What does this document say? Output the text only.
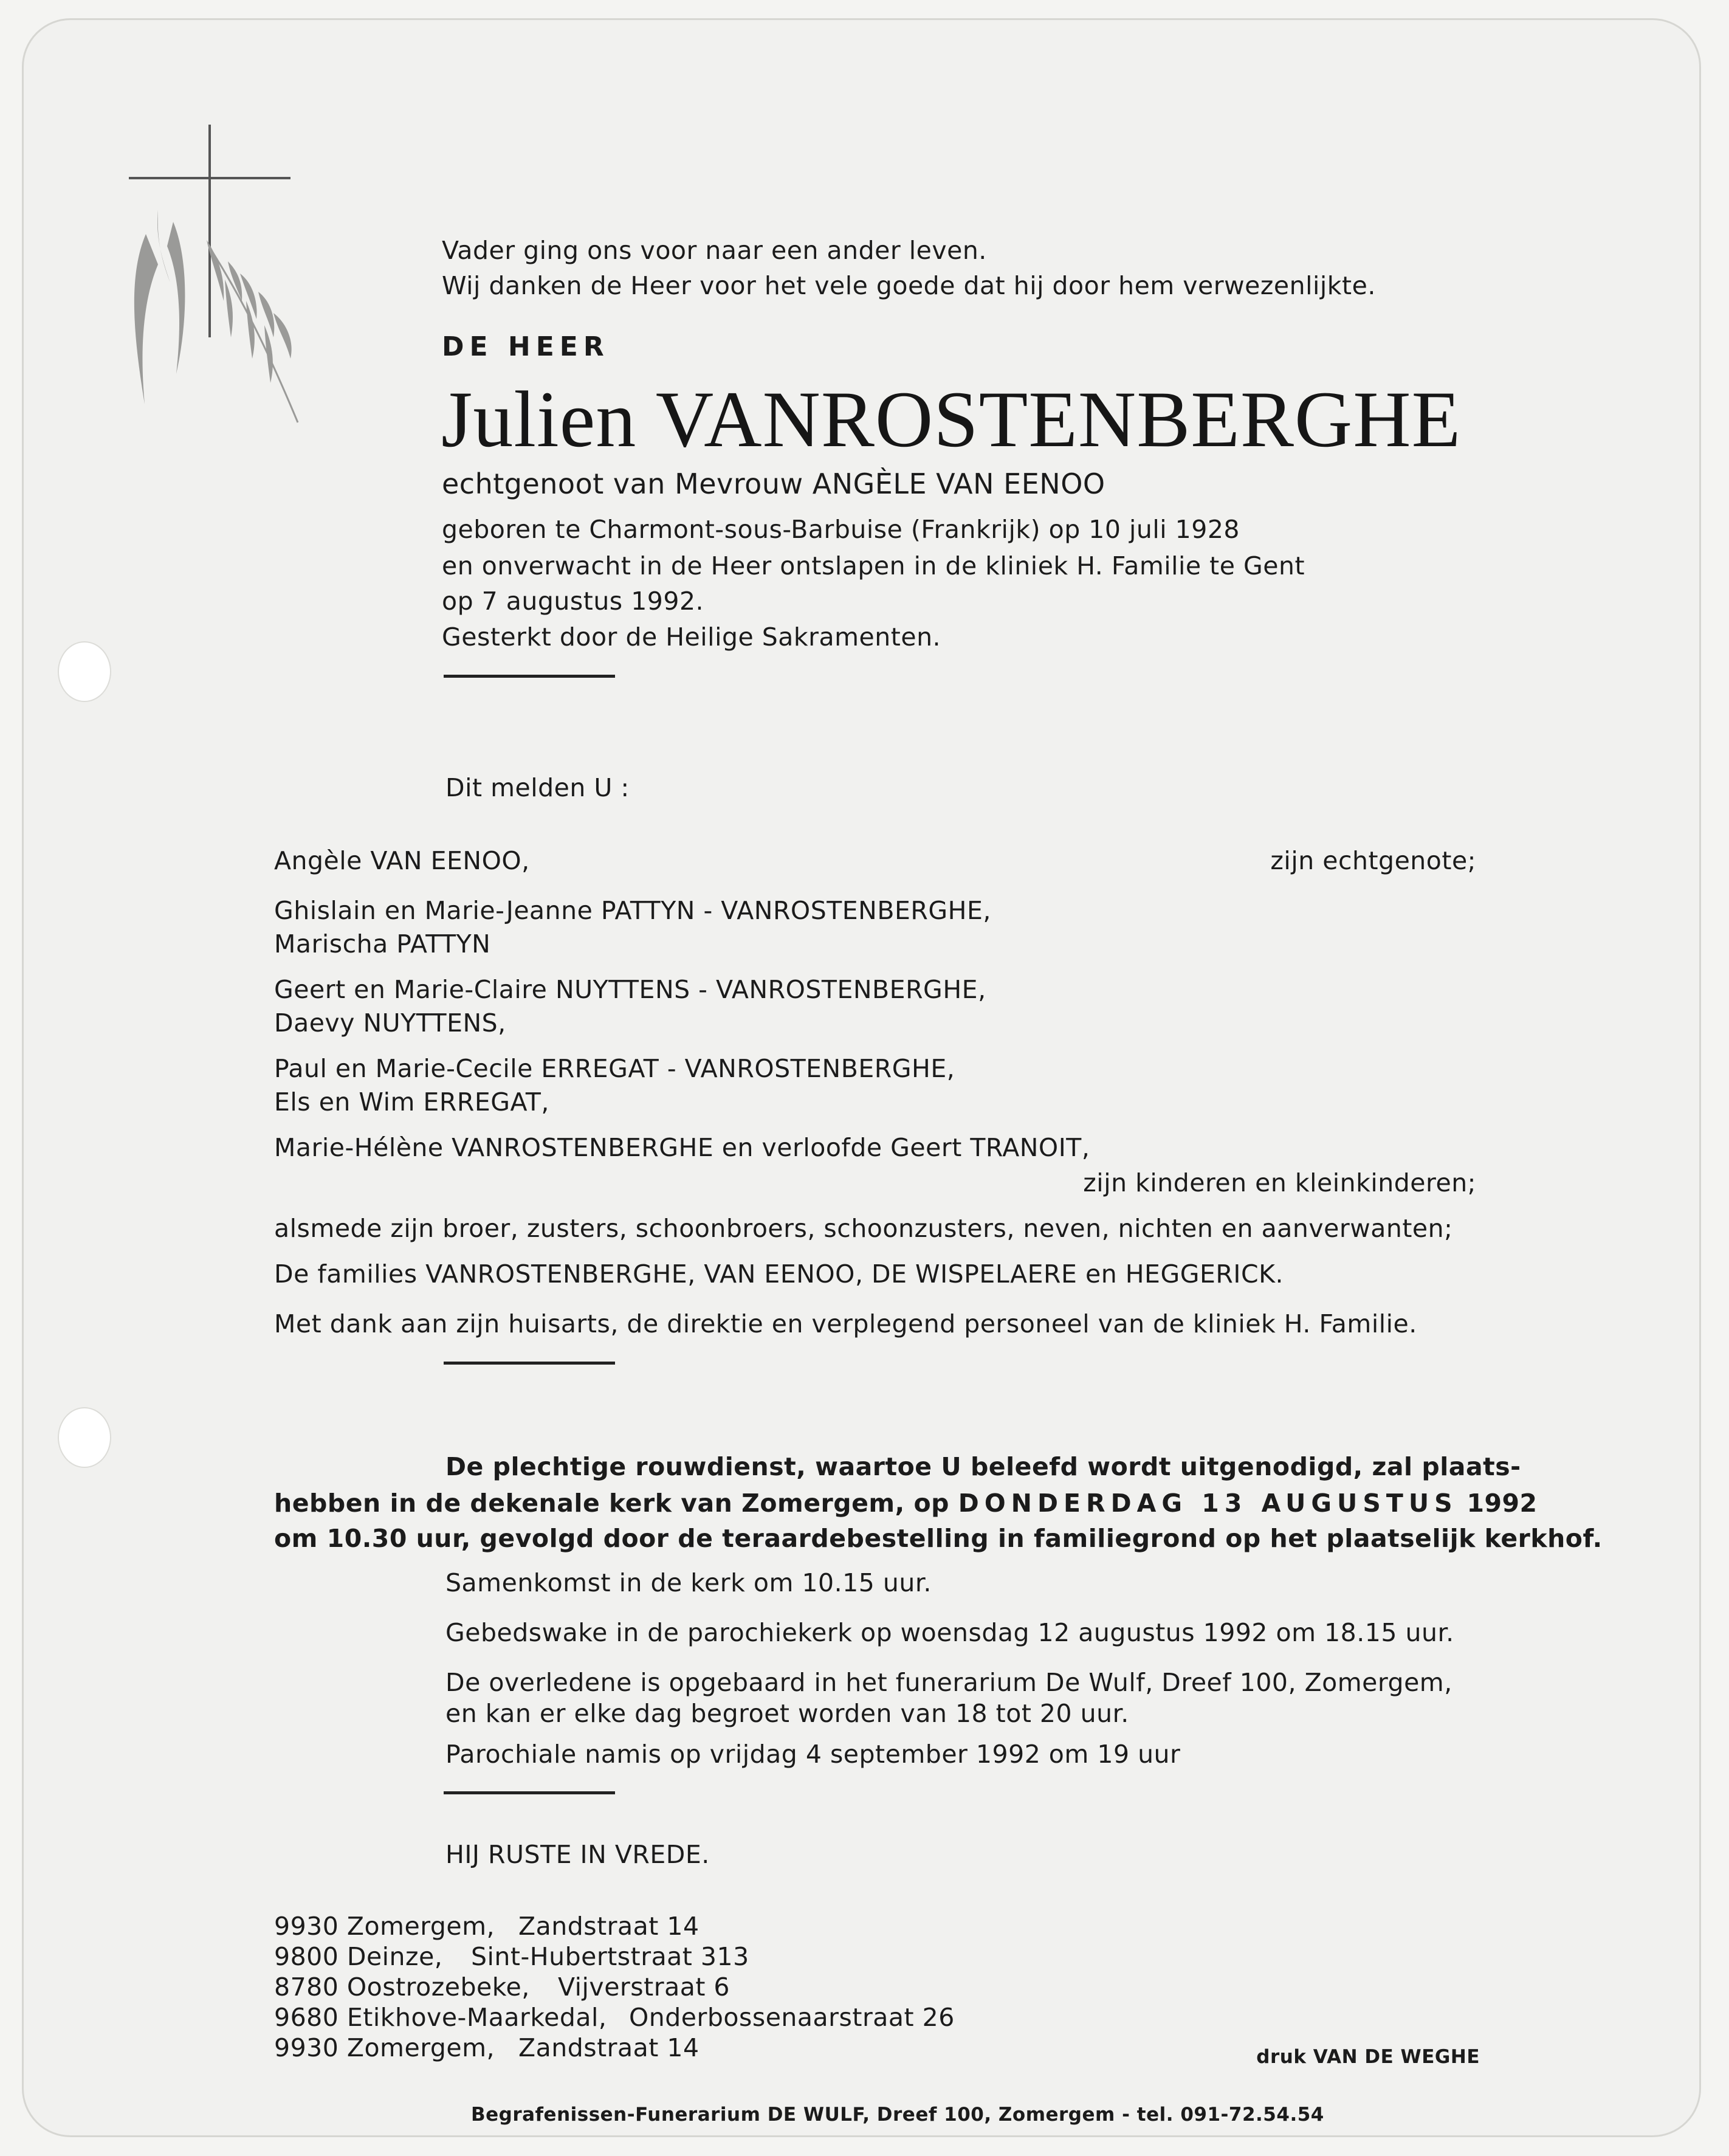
Vader ging ons voor naar een ander leven.
Wij danken de Heer voor het vele goede dat hij door hem verwezenlijkte.
DE HEER
Julien VANROSTENBERGHE
echtgenoot van Mevrouw ANGÈLE VAN EENOO
geboren te Charmont-sous-Barbuise (Frankrijk) op 10 juli 1928
en onverwacht in de Heer ontslapen in de kliniek H. Familie te Gent
op 7 augustus 1992.
Gesterkt door de Heilige Sakramenten.
Dit melden U :
Angèle VAN EENOO,	zijn echtgenote;
Ghislain en Marie-Jeanne PATTYN - VANROSTENBERGHE,
Marischa PATTYN
Geert en Marie-Claire NUYTTENS - VANROSTENBERGHE,
Daevy NUYTTENS,
Paul en Marie-Cecile ERREGAT - VANROSTENBERGHE,
Els en Wim ERREGAT,
Marie-Hélène VANROSTENBERGHE en verloofde Geert TRANOIT,
zijn kinderen en kleinkinderen;
alsmede zijn broer, zusters, schoonbroers, schoonzusters, neven, nichten en aanverwanten;
De families VANROSTENBERGHE, VAN EENOO, DE WISPELAERE en HEGGERICK.
Met dank aan zijn huisarts, de direktie en verplegend personeel van de kliniek H. Familie.
De plechtige rouwdienst, waartoe U beleefd wordt uitgenodigd, zal plaats-
hebben in de dekenale kerk van Zomergem, op DONDERDAG 13 AUGUSTUS 1992
om 10.30 uur, gevolgd door de teraardebestelling in familiegrond op het plaatselijk kerkhof.
Samenkomst in de kerk om 10.15 uur.
Gebedswake in de parochiekerk op woensdag 12 augustus 1992 om 18.15 uur.
De overledene is opgebaard in het funerarium De Wulf, Dreef 100, Zomergem,
en kan er elke dag begroet worden van 18 tot 20 uur.
Parochiale namis op vrijdag 4 september 1992 om 19 uur
HIJ RUSTE IN VREDE.
9930 Zomergem, Zandstraat 14
9800 Deinze, Sint-Hubertstraat 313
8780 Oostrozebeke, Vijverstraat 6
9680 Etikhove-Maarkedal, Onderbossenaarstraat 26
9930 Zomergem, Zandstraat 14	druk VAN DE WEGHE
Begrafenissen-Funerarium DE WULF, Dreef 100, Zomergem - tel. 091-72.54.54
